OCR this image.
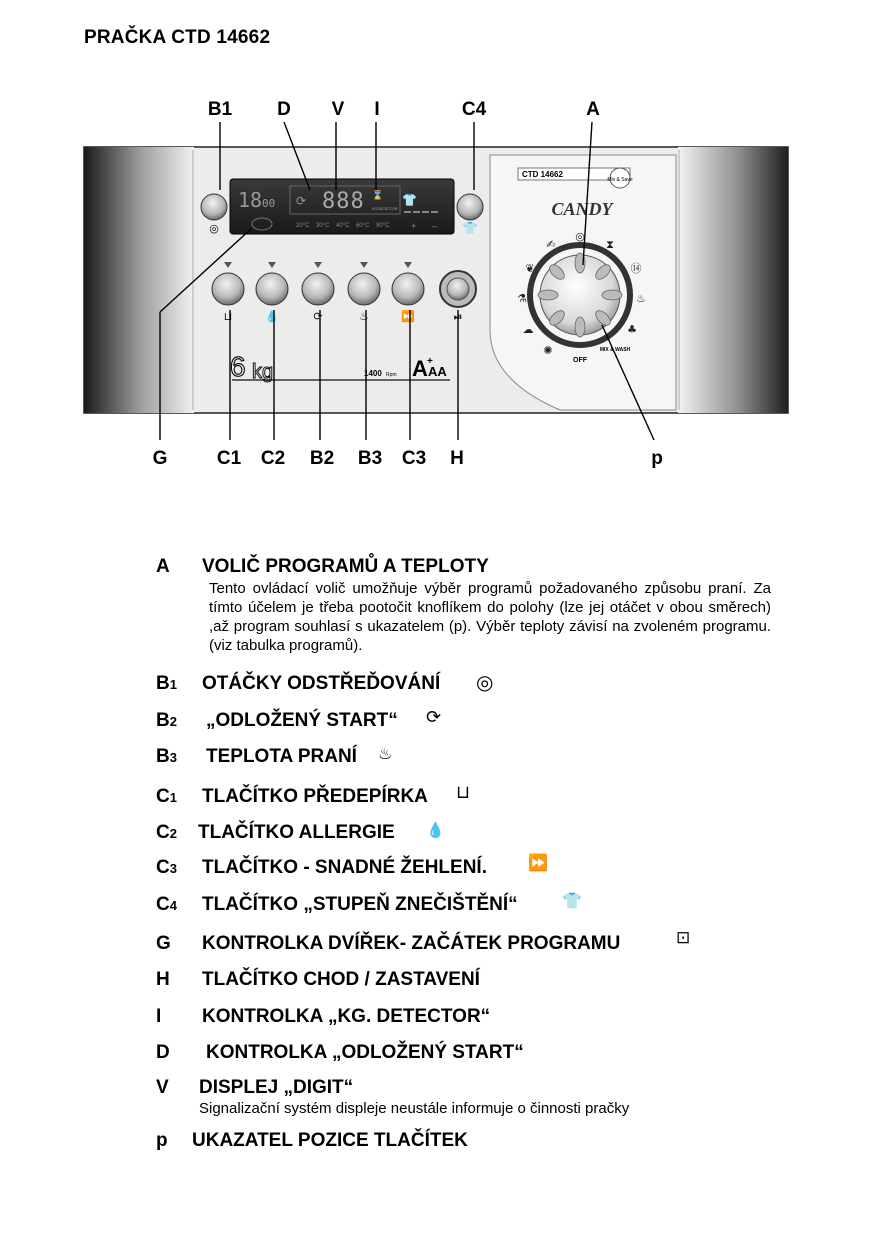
PRAČKA CTD 14662
CTD 14662
Mix & Save
CANDY
◎
✍	⧗
❦	⑭
⚗	♨
☁	♣
✺
OFF
MIX & WASH
18 00 ⟳ 888 ⌛
KG DETECTOR
👕
20°C 30°C 40°C 60°C 90°C + –
◎	👕
⊔	💧	⟳	♨	⏩	⏯
6 kg	1400 Rpm A +
AA
B1 D V I	C4	A
G	C1 C2 B2 B3 C3 H	p
A VOLIČ PROGRAMŮ A TEPLOTY
Tento ovládací volič umožňuje výběr programů požadovaného způsobu praní. Za tímto účelem je třeba pootočit knoflíkem do polohy (lze jej otáčet v obou směrech) ,až program souhlasí s ukazatelem (p). Výběr teploty závisí na zvoleném programu.(viz tabulka programů).
B1 OTÁČKY ODSTŘEĎOVÁNÍ ◎
B2 „ODLOŽENÝ START“ ⟳
B3 TEPLOTA PRANÍ ♨
C1 TLAČÍTKO PŘEDEPÍRKA ⊔
C2 TLAČÍTKO ALLERGIE 💧
C3 TLAČÍTKO - SNADNÉ ŽEHLENÍ.	⏩
C4 TLAČÍTKO „STUPEŇ ZNEČIŠTĚNÍ“	👕
G KONTROLKA DVÍŘEK- ZAČÁTEK PROGRAMU	⊡
H TLAČÍTKO CHOD / ZASTAVENÍ
I KONTROLKA „KG. DETECTOR“
D KONTROLKA „ODLOŽENÝ START“
V DISPLEJ „DIGIT“
Signalizační systém displeje neustále informuje o činnosti pračky
p UKAZATEL POZICE TLAČÍTEK
